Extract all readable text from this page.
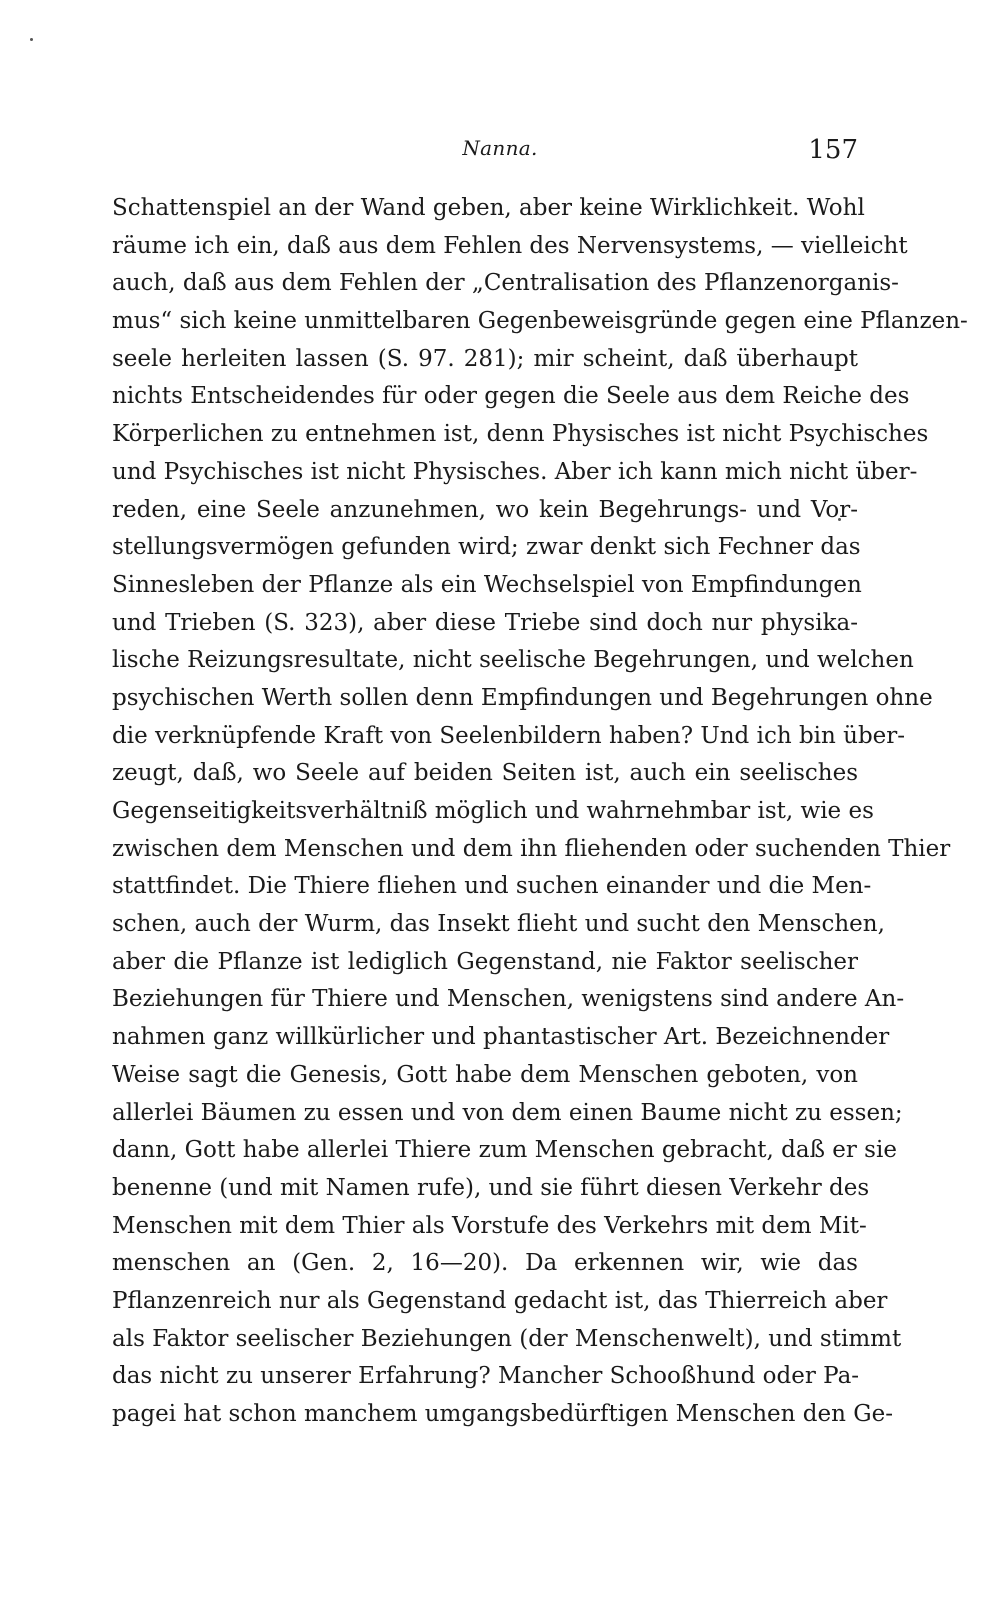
Nanna.	157
Schattenspiel an der Wand geben, aber keine Wirklichkeit. Wohl
räume ich ein, daß aus dem Fehlen des Nervensystems, — vielleicht
auch, daß aus dem Fehlen der „Centralisation des Pflanzenorganis-
mus“ sich keine unmittelbaren Gegenbeweisgründe gegen eine Pflanzen-
seele herleiten lassen (S. 97. 281); mir scheint, daß überhaupt
nichts Entscheidendes für oder gegen die Seele aus dem Reiche des
Körperlichen zu entnehmen ist, denn Physisches ist nicht Psychisches
und Psychisches ist nicht Physisches. Aber ich kann mich nicht über-
reden, eine Seele anzunehmen, wo kein Begehrungs- und Vor-
stellungsvermögen gefunden wird; zwar denkt sich Fechner das
Sinnesleben der Pflanze als ein Wechselspiel von Empfindungen
und Trieben (S. 323), aber diese Triebe sind doch nur physika-
lische Reizungsresultate, nicht seelische Begehrungen, und welchen
psychischen Werth sollen denn Empfindungen und Begehrungen ohne
die verknüpfende Kraft von Seelenbildern haben? Und ich bin über-
zeugt, daß, wo Seele auf beiden Seiten ist, auch ein seelisches
Gegenseitigkeitsverhältniß möglich und wahrnehmbar ist, wie es
zwischen dem Menschen und dem ihn fliehenden oder suchenden Thier
stattfindet. Die Thiere fliehen und suchen einander und die Men-
schen, auch der Wurm, das Insekt flieht und sucht den Menschen,
aber die Pflanze ist lediglich Gegenstand, nie Faktor seelischer
Beziehungen für Thiere und Menschen, wenigstens sind andere An-
nahmen ganz willkürlicher und phantastischer Art. Bezeichnender
Weise sagt die Genesis, Gott habe dem Menschen geboten, von
allerlei Bäumen zu essen und von dem einen Baume nicht zu essen;
dann, Gott habe allerlei Thiere zum Menschen gebracht, daß er sie
benenne (und mit Namen rufe), und sie führt diesen Verkehr des
Menschen mit dem Thier als Vorstufe des Verkehrs mit dem Mit-
menschen an (Gen. 2, 16—20). Da erkennen wir, wie das
Pflanzenreich nur als Gegenstand gedacht ist, das Thierreich aber
als Faktor seelischer Beziehungen (der Menschenwelt), und stimmt
das nicht zu unserer Erfahrung? Mancher Schooßhund oder Pa-
pagei hat schon manchem umgangsbedürftigen Menschen den Ge-
